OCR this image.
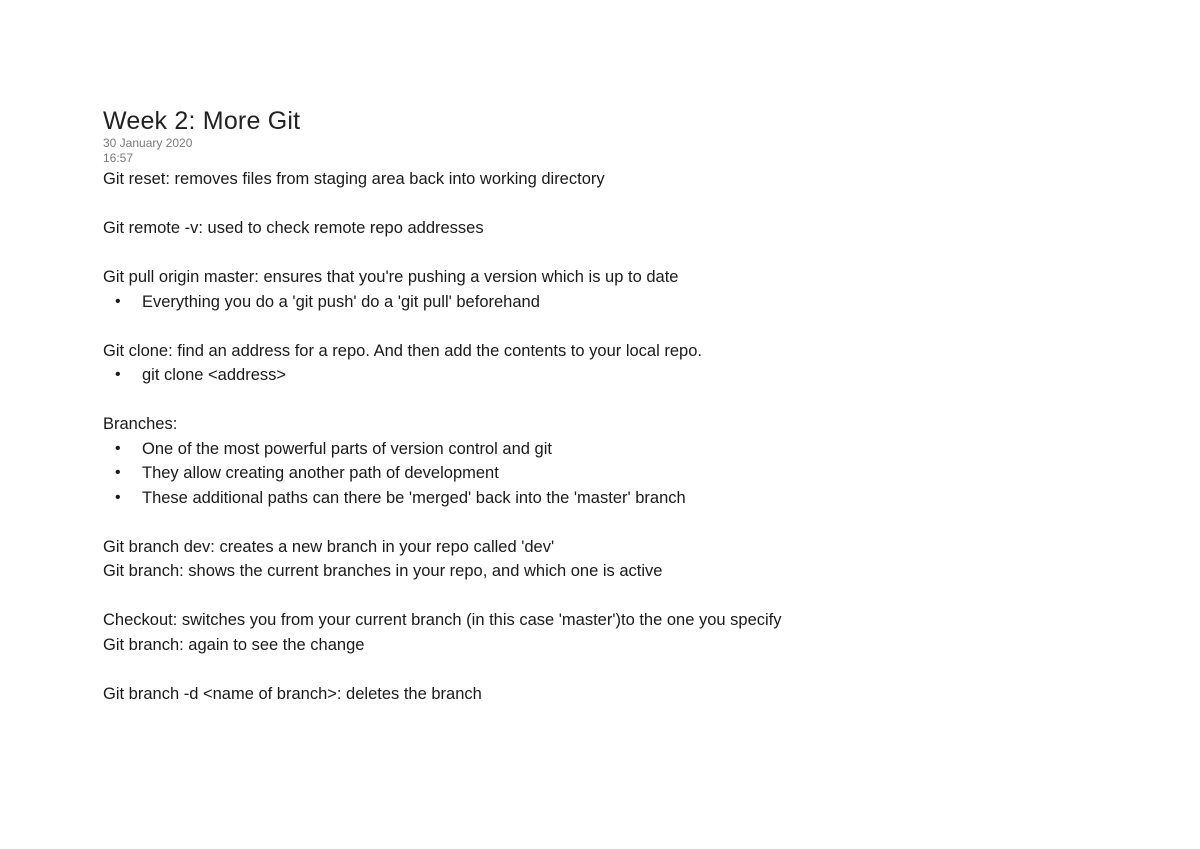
Week 2: More Git

30 January 2020

16:57

Git reset: removes files from staging area back into working directory

Git remote -v: used to check remote repo addresses

Git pull origin master: ensures that you're pushing a version which is up to date

• Everything you do a 'git push' do a 'git pull' beforehand

Git clone: find an address for a repo. And then add the contents to your local repo.

• git clone <address>

Branches:

• One of the most powerful parts of version control and git
• They allow creating another path of development
• These additional paths can there be 'merged' back into the 'master' branch

Git branch dev: creates a new branch in your repo called 'dev'

Git branch: shows the current branches in your repo, and which one is active

Checkout: switches you from your current branch (in this case 'master')to the one you specify

Git branch: again to see the change

Git branch -d <name of branch>: deletes the branch
